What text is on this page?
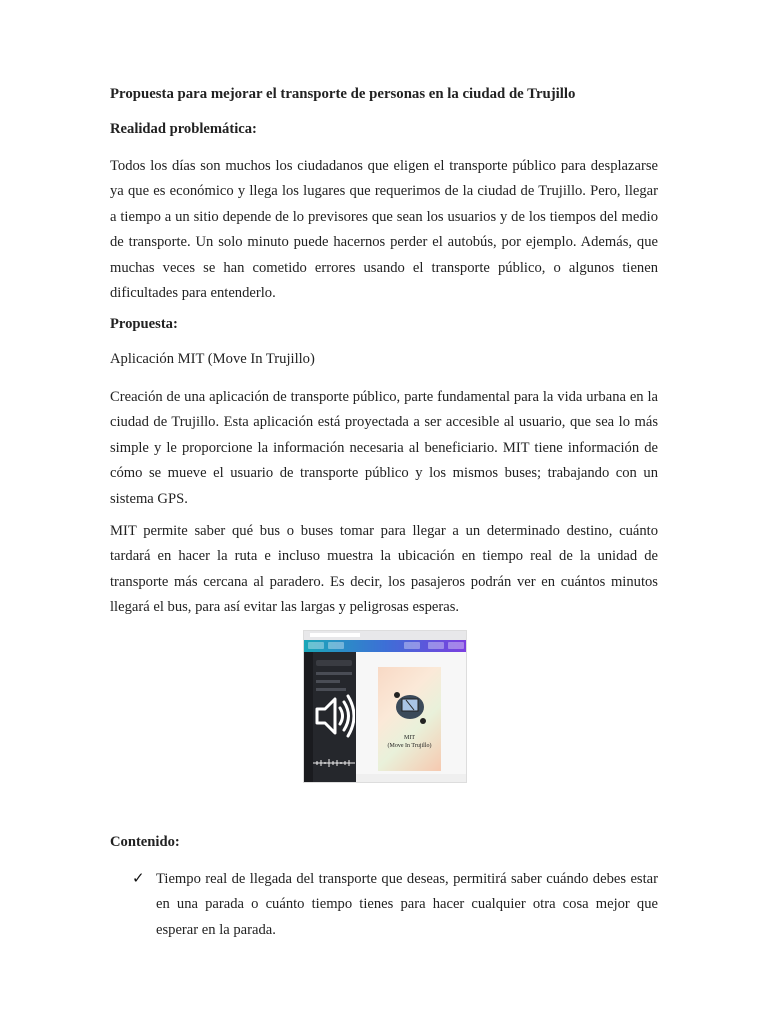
Propuesta para mejorar el transporte de personas en la ciudad de Trujillo
Realidad problemática:
Todos los días son muchos los ciudadanos que eligen el transporte público para desplazarse ya que es económico y llega los lugares que requerimos de la ciudad de Trujillo. Pero, llegar a tiempo a un sitio depende de lo previsores que sean los usuarios y de los tiempos del medio de transporte. Un solo minuto puede hacernos perder el autobús, por ejemplo. Además, que muchas veces se han cometido errores usando el transporte público, o algunos tienen dificultades para entenderlo.
Propuesta:
Aplicación MIT (Move In Trujillo)
Creación de una aplicación de transporte público, parte fundamental para la vida urbana en la ciudad de Trujillo. Esta aplicación está proyectada a ser accesible al usuario, que sea lo más simple y le proporcione la información necesaria al beneficiario. MIT tiene información de cómo se mueve el usuario de transporte público y los mismos buses; trabajando con un sistema GPS.
MIT permite saber qué bus o buses tomar para llegar a un determinado destino, cuánto tardará en hacer la ruta e incluso muestra la ubicación en tiempo real de la unidad de transporte más cercana al paradero. Es decir, los pasajeros podrán ver en cuántos minutos llegará el bus, para así evitar las largas y peligrosas esperas.
MIT
(Move In Trujillo)
Contenido:
✓ Tiempo real de llegada del transporte que deseas, permitirá saber cuándo debes estar en una parada o cuánto tiempo tienes para hacer cualquier otra cosa mejor que esperar en la parada.
